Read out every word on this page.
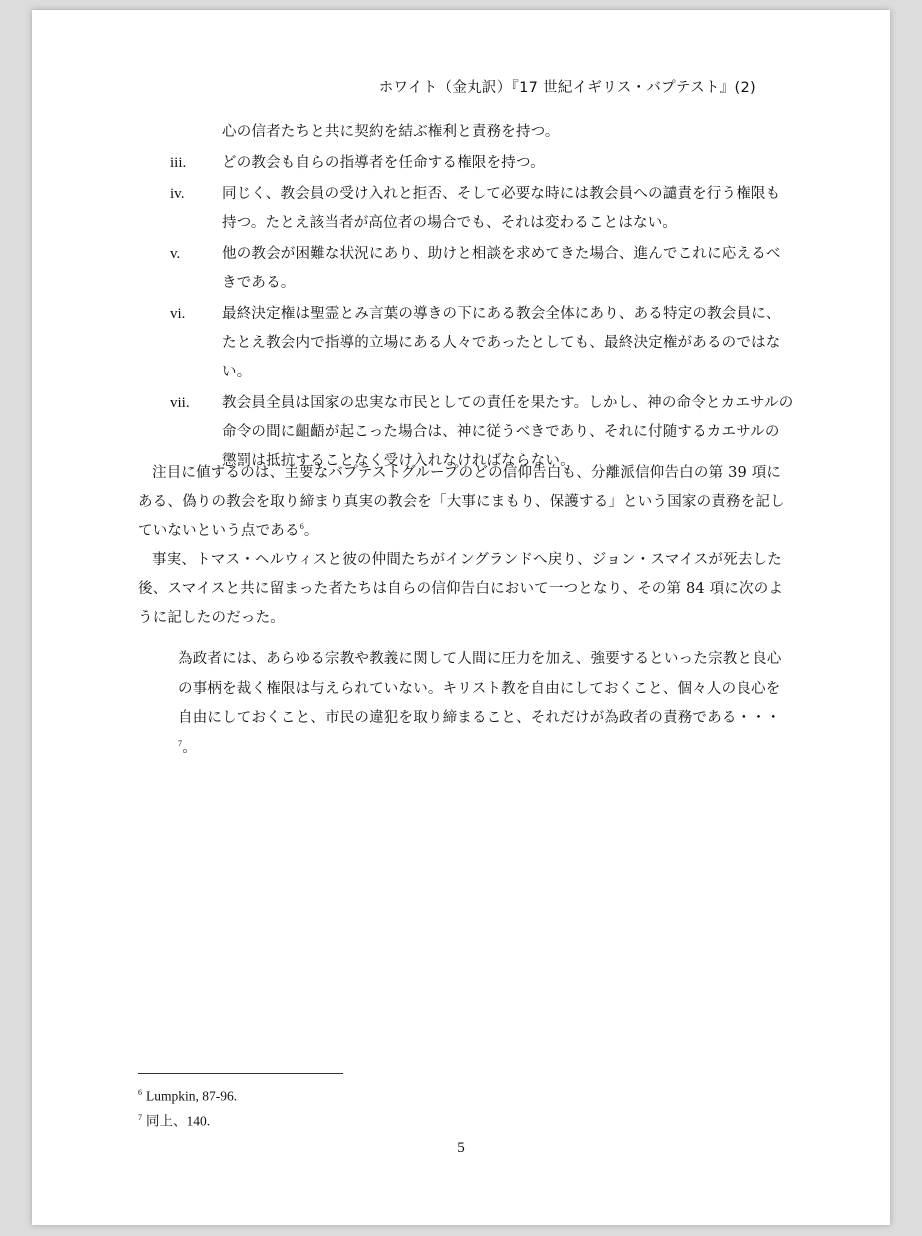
ホワイト（金丸訳）『17 世紀イギリス・バプテスト』(2)
心の信者たちと共に契約を結ぶ権利と責務を持つ。
iii.	どの教会も自らの指導者を任命する権限を持つ。
iv.	同じく、教会員の受け入れと拒否、そして必要な時には教会員への譴責を行う権限も持つ。たとえ該当者が高位者の場合でも、それは変わることはない。
v.	他の教会が困難な状況にあり、助けと相談を求めてきた場合、進んでこれに応えるべきである。
vi.	最終決定権は聖霊とみ言葉の導きの下にある教会全体にあり、ある特定の教会員に、たとえ教会内で指導的立場にある人々であったとしても、最終決定権があるのではない。
vii.	教会員全員は国家の忠実な市民としての責任を果たす。しかし、神の命令とカエサルの命令の間に齟齬が起こった場合は、神に従うべきであり、それに付随するカエサルの懲罰は抵抗することなく受け入れなければならない。
注目に値するのは、主要なバプテストグループのどの信仰告白も、分離派信仰告白の第 39 項にある、偽りの教会を取り締まり真実の教会を「大事にまもり、保護する」という国家の責務を記していないという点である$^6$。
事実、トマス・ヘルウィスと彼の仲間たちがイングランドへ戻り、ジョン・スマイスが死去した後、スマイスと共に留まった者たちは自らの信仰告白において一つとなり、その第 84 項に次のように記したのだった。
為政者には、あらゆる宗教や教義に関して人間に圧力を加え、強要するといった宗教と良心の事柄を裁く権限は与えられていない。キリスト教を自由にしておくこと、個々人の良心を自由にしておくこと、市民の違犯を取り締まること、それだけが為政者の責務である・・・$^7$。
$^6$ Lumpkin, 87-96.
$^7$ 同上、140.
5
